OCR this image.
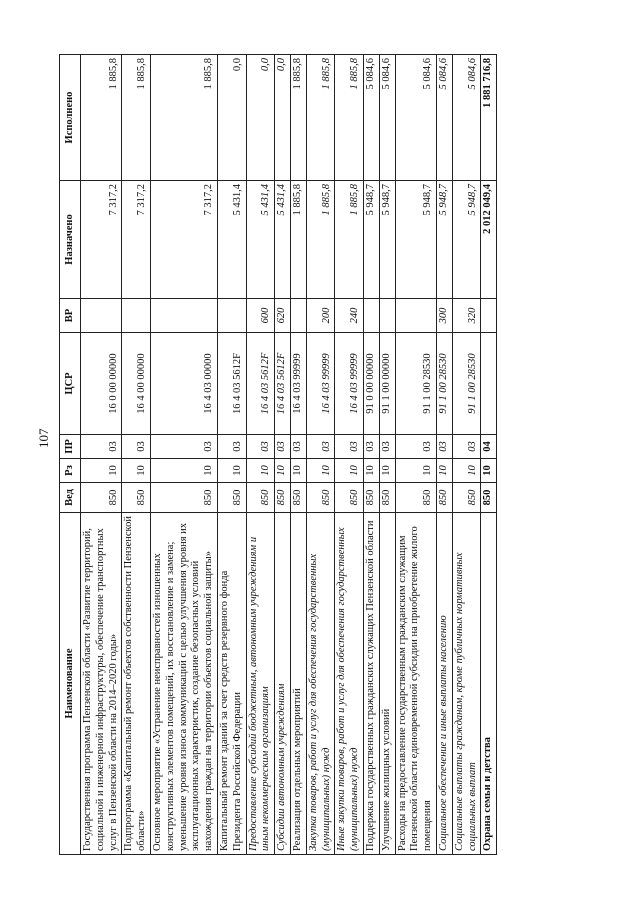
107
Наименование	Вед	Рз	ПР	ЦСР	ВР	Назначено	Исполнено
Государственная программа Пензенской области «Развитие территорий, социальной и инженерной инфраструктуры, обеспечение транспортных услуг в Пензенской области на 2014–2020 годы»	850	10	03	16 0 00 00000		7 317,2	1 885,8
Подпрограмма «Капитальный ремонт объектов собственности Пензенской области»	850	10	03	16 4 00 00000		7 317,2	1 885,8
Основное мероприятие «Устранение неисправностей изношенных конструктивных элементов помещений, их восстановление и замена; уменьшение уровня износа коммуникаций с целью улучшения уровня их эксплуатационных характеристик, создание безопасных условий нахождения граждан на территории объектов социальной защиты»	850	10	03	16 4 03 00000		7 317,2	1 885,8
Капитальный ремонт зданий за счет средств резервного фонда Президента Российской Федерации	850	10	03	16 4 03 5612F		5 431,4	0,0
Предоставление субсидий бюджетным, автономным учреждениям и иным некоммерческим организациям	850	10	03	16 4 03 5612F	600	5 431,4	0,0
Субсидии автономным учреждениям	850	10	03	16 4 03 5612F	620	5 431,4	0,0
Реализация отдельных мероприятий	850	10	03	16 4 03 99999		1 885,8	1 885,8
Закупка товаров, работ и услуг для обеспечения государственных (муниципальных) нужд	850	10	03	16 4 03 99999	200	1 885,8	1 885,8
Иные закупки товаров, работ и услуг для обеспечения государственных (муниципальных) нужд	850	10	03	16 4 03 99999	240	1 885,8	1 885,8
Поддержка государственных гражданских служащих Пензенской области	850	10	03	91 0 00 00000		5 948,7	5 084,6
Улучшение жилищных условий	850	10	03	91 1 00 00000		5 948,7	5 084,6
Расходы на предоставление государственным гражданским служащим Пензенской области единовременной субсидии на приобретение жилого помещения	850	10	03	91 1 00 28530		5 948,7	5 084,6
Социальное обеспечение и иные выплаты населению	850	10	03	91 1 00 28530	300	5 948,7	5 084,6
Социальные выплаты гражданам, кроме публичных нормативных социальных выплат	850	10	03	91 1 00 28530	320	5 948,7	5 084,6
Охрана семьи и детства	850	10	04			2 012 049,4	1 881 716,8
